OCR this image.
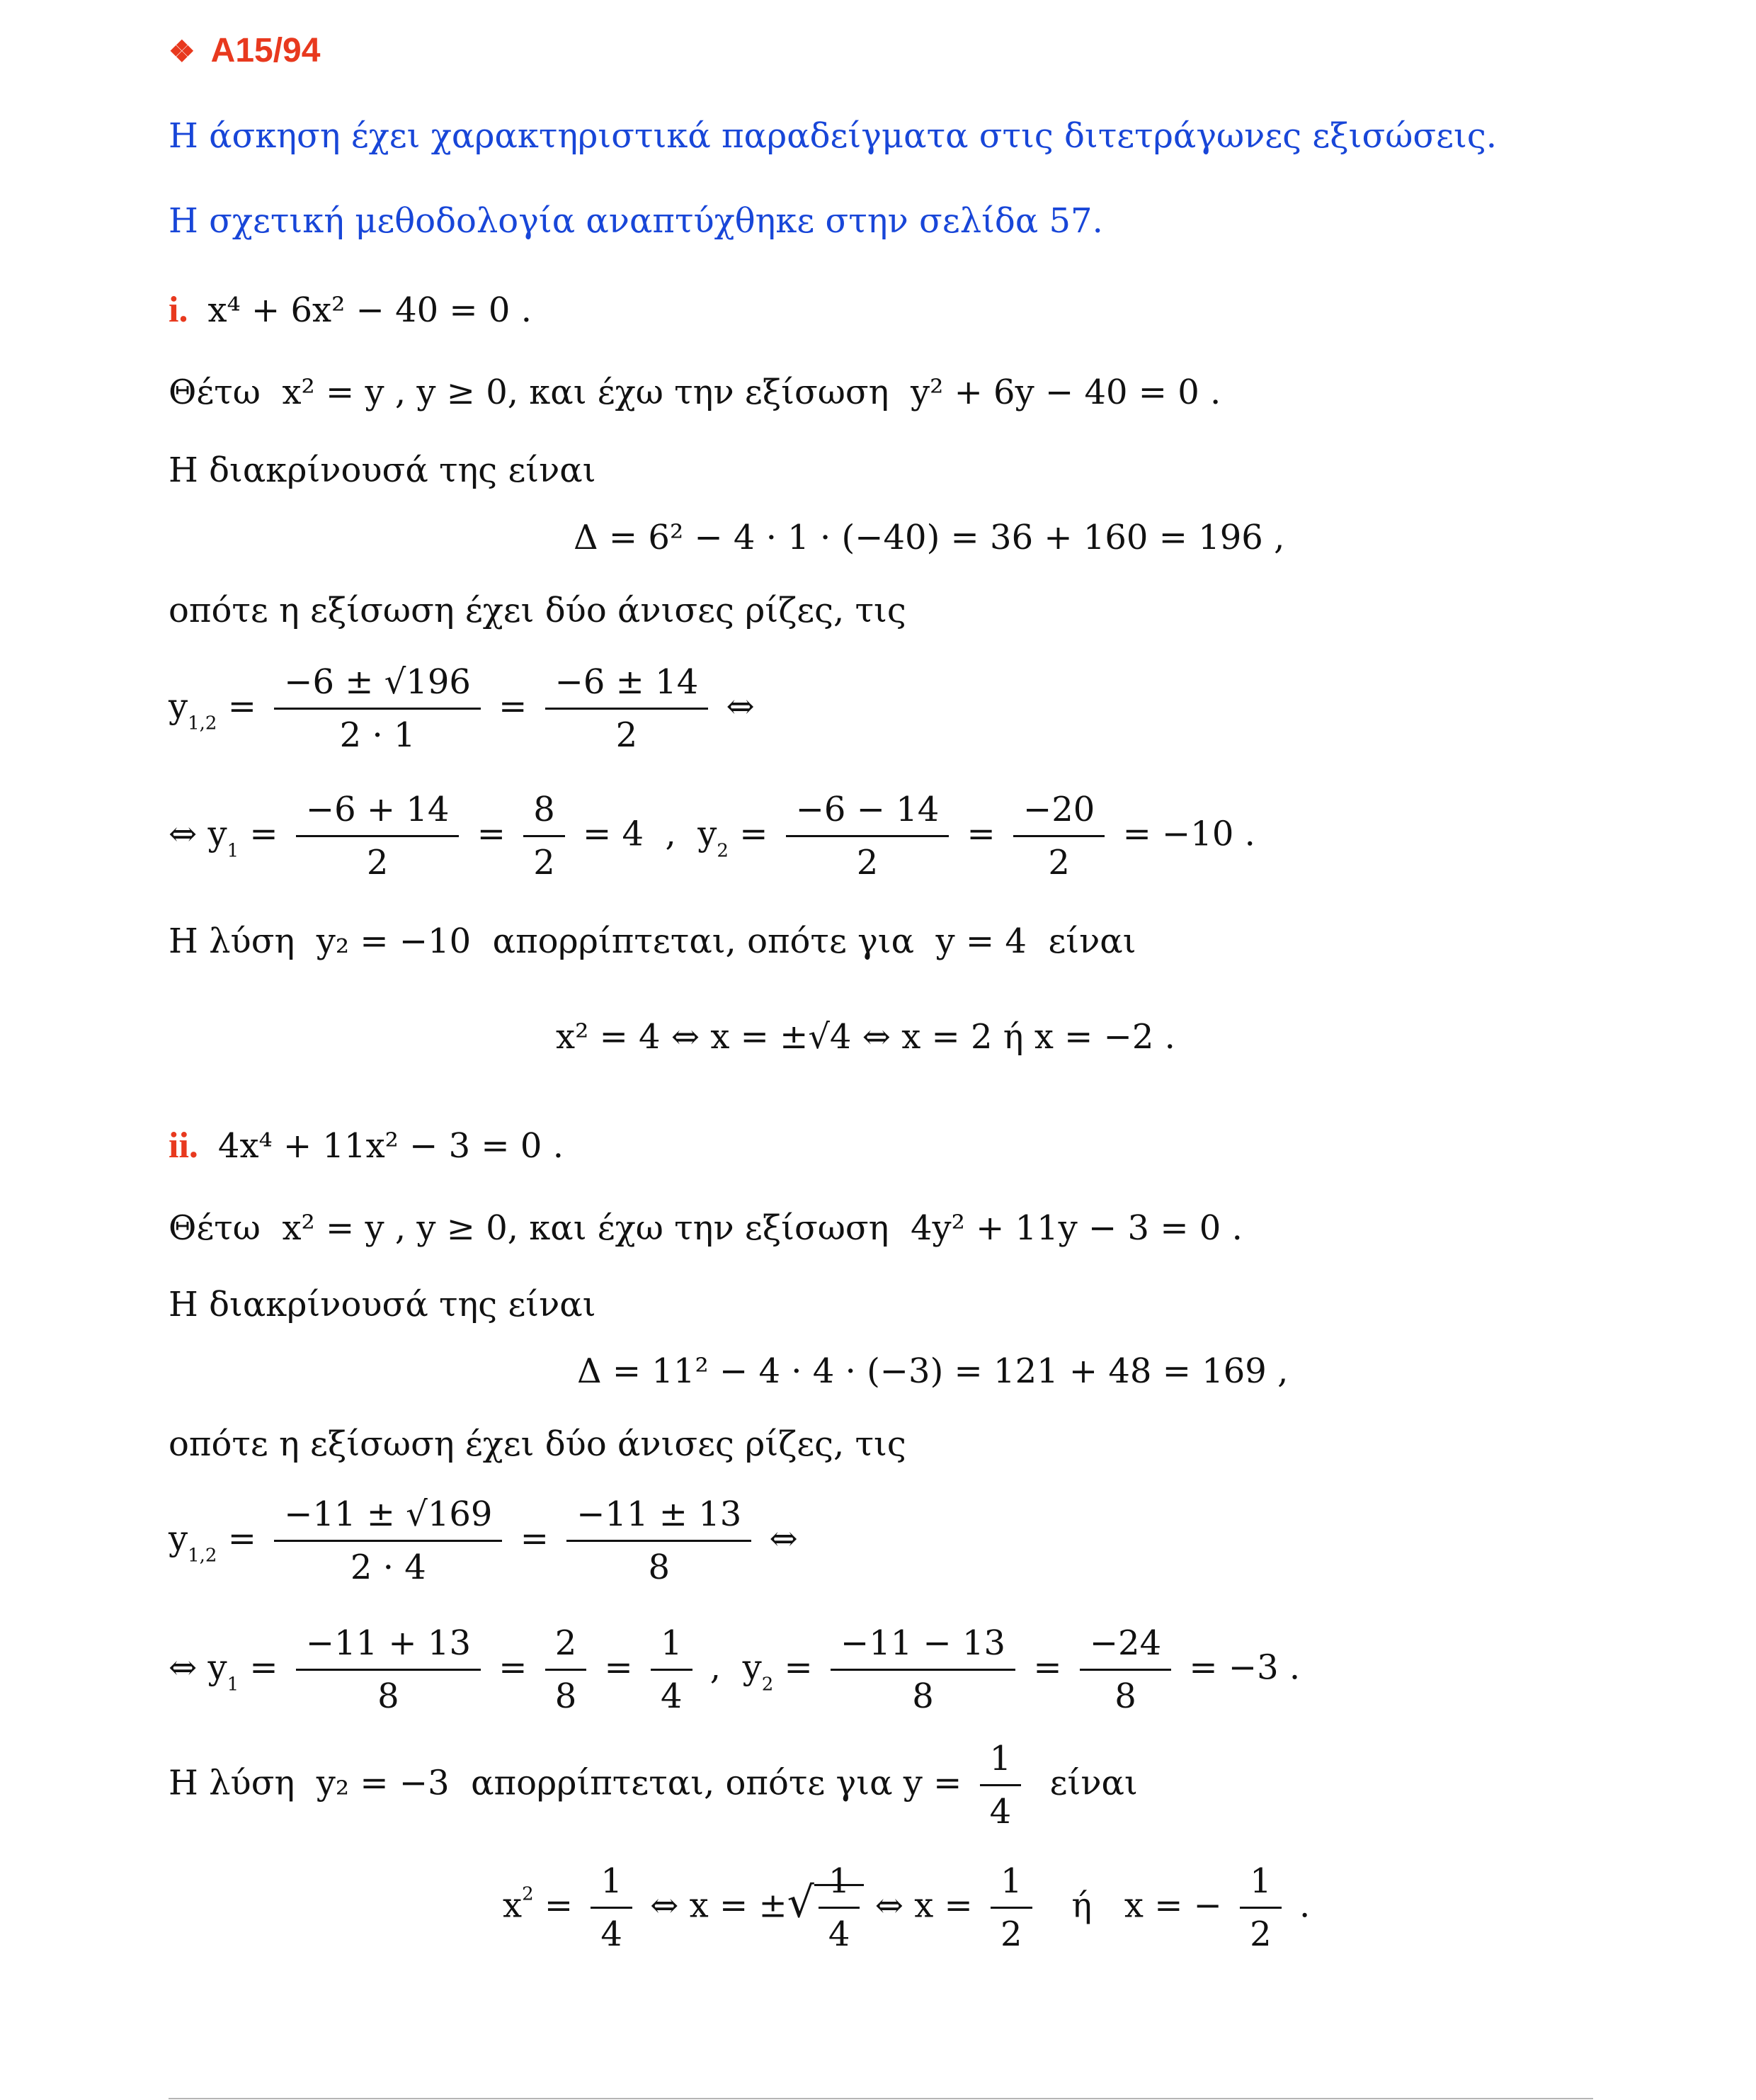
❖ A15/94
Η άσκηση έχει χαρακτηριστικά παραδείγματα στις διτετράγωνες εξισώσεις.
Η σχετική μεθοδολογία αναπτύχθηκε στην σελίδα 57.
i. x⁴ + 6x² − 40 = 0 .
Θέτω x² = y , y ≥ 0, και έχω την εξίσωση y² + 6y − 40 = 0 .
Η διακρίνουσά της είναι
Δ = 6² − 4 · 1 · (−40) = 36 + 160 = 196 ,
οπότε η εξίσωση έχει δύο άνισες ρίζες, τις
$y_{1,2} = \frac{-6 \pm √196}{2 \cdot 1} = \frac{-6 \pm 14}{2}$ ⇔
⇔ $y_1 = \frac{-6 + 14}{2} = \frac{8}{2} = 4$  ,  $y_2 = \frac{-6 - 14}{2} = \frac{-20}{2} = -10$ .
Η λύση y₂ = −10 απορρίπτεται, οπότε για y = 4 είναι
x² = 4 ⇔ x = ±√4 ⇔ x = 2 ή x = −2 .
ii. 4x⁴ + 11x² − 3 = 0 .
Θέτω x² = y , y ≥ 0, και έχω την εξίσωση 4y² + 11y − 3 = 0 .
Η διακρίνουσά της είναι
Δ = 11² − 4 · 4 · (−3) = 121 + 48 = 169 ,
οπότε η εξίσωση έχει δύο άνισες ρίζες, τις
$y_{1,2} = \frac{-11 \pm √169}{2 \cdot 4} = \frac{-11 \pm 13}{8}$ ⇔
⇔ $y_1 = \frac{-11 + 13}{8} = \frac{2}{8} = \frac{1}{4}$ ,  $y_2 = \frac{-11 - 13}{8} = \frac{-24}{8} = -3$ .
Η λύση y₂ = −3 απορρίπτεται, οπότε για $y = \frac{1}{4}$ είναι
$x^2 = \frac{1}{4}$ ⇔ x = ±√ $\frac{1}{4}$ ⇔ $x = \frac{1}{2}$ ή   x = − $\frac{1}{2}$ .
